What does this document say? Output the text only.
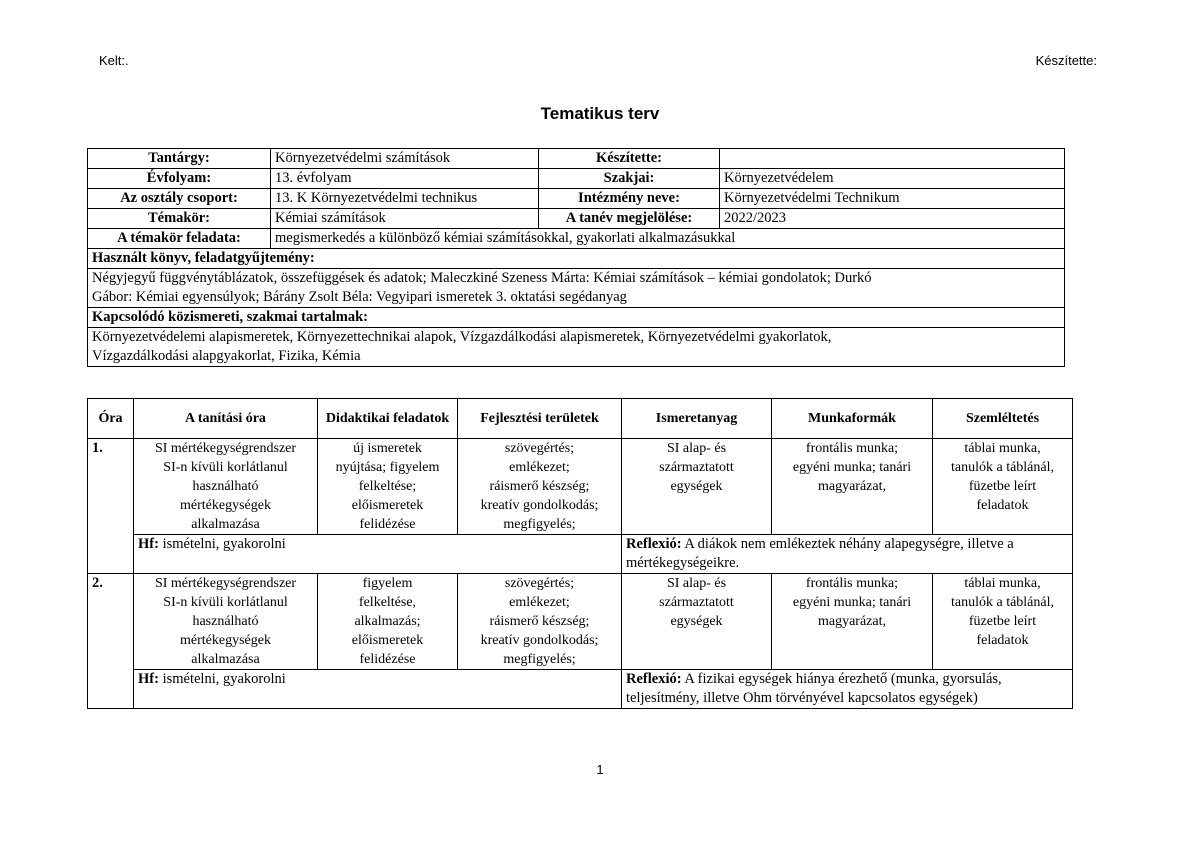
Kelt:.	Készítette:
Tematikus terv
Tantárgy:	Környezetvédelmi számítások	Készítette:	
Évfolyam:	13. évfolyam	Szakjai:	Környezetvédelem
Az osztály csoport:	13. K Környezetvédelmi technikus	Intézmény neve:	Környezetvédelmi Technikum
Témakör:	Kémiai számítások	A tanév megjelölése:	2022/2023
A témakör feladata:	megismerkedés a különböző kémiai számításokkal, gyakorlati alkalmazásukkal		
Használt könyv, feladatgyűjtemény:			

Négyjegyű függvénytáblázatok, összefüggések és adatok; Maleczkiné Szeness Márta: Kémiai számítások – kémiai gondolatok; Durkó
Gábor: Kémiai egyensúlyok; Bárány Zsolt Béla: Vegyipari ismeretek 3. oktatási segédanyag			

Kapcsolódó közismereti, szakmai tartalmak:			

Környezetvédelemi alapismeretek, Környezettechnikai alapok, Vízgazdálkodási alapismeretek, Környezetvédelmi gyakorlatok,
Vízgazdálkodási alapgyakorlat, Fizika, Kémia			
Óra	A tanítási óra	Didaktikai feladatok	Fejlesztési területek	Ismeretanyag	Munkaformák	Szemléltetés
1.	SI mértékegységrendszer
SI-n kívüli korlátlanul
használható
mértékegységek
alkalmazása	új ismeretek
nyújtása; figyelem
felkeltése;
előismeretek
felidézése	szövegértés;
emlékezet;
ráismerő készség;
kreatív gondolkodás;
megfigyelés;	SI alap- és
származtatott
egységek	frontális munka;
egyéni munka; tanári
magyarázat,	táblai munka,
tanulók a táblánál,
füzetbe leírt
feladatok

	Hf: ismételni, gyakorolni			Reflexió: A diákok nem emlékeztek néhány alapegységre, illetve a
mértékegységeikre.		

2.	SI mértékegységrendszer
SI-n kívüli korlátlanul
használható
mértékegységek
alkalmazása	figyelem
felkeltése,
alkalmazás;
előismeretek
felidézése	szövegértés;
emlékezet;
ráismerő készség;
kreatív gondolkodás;
megfigyelés;	SI alap- és
származtatott
egységek	frontális munka;
egyéni munka; tanári
magyarázat,	táblai munka,
tanulók a táblánál,
füzetbe leírt
feladatok

	Hf: ismételni, gyakorolni			Reflexió: A fizikai egységek hiánya érezhető (munka, gyorsulás,
teljesítmény, illetve Ohm törvényével kapcsolatos egységek)		
1
